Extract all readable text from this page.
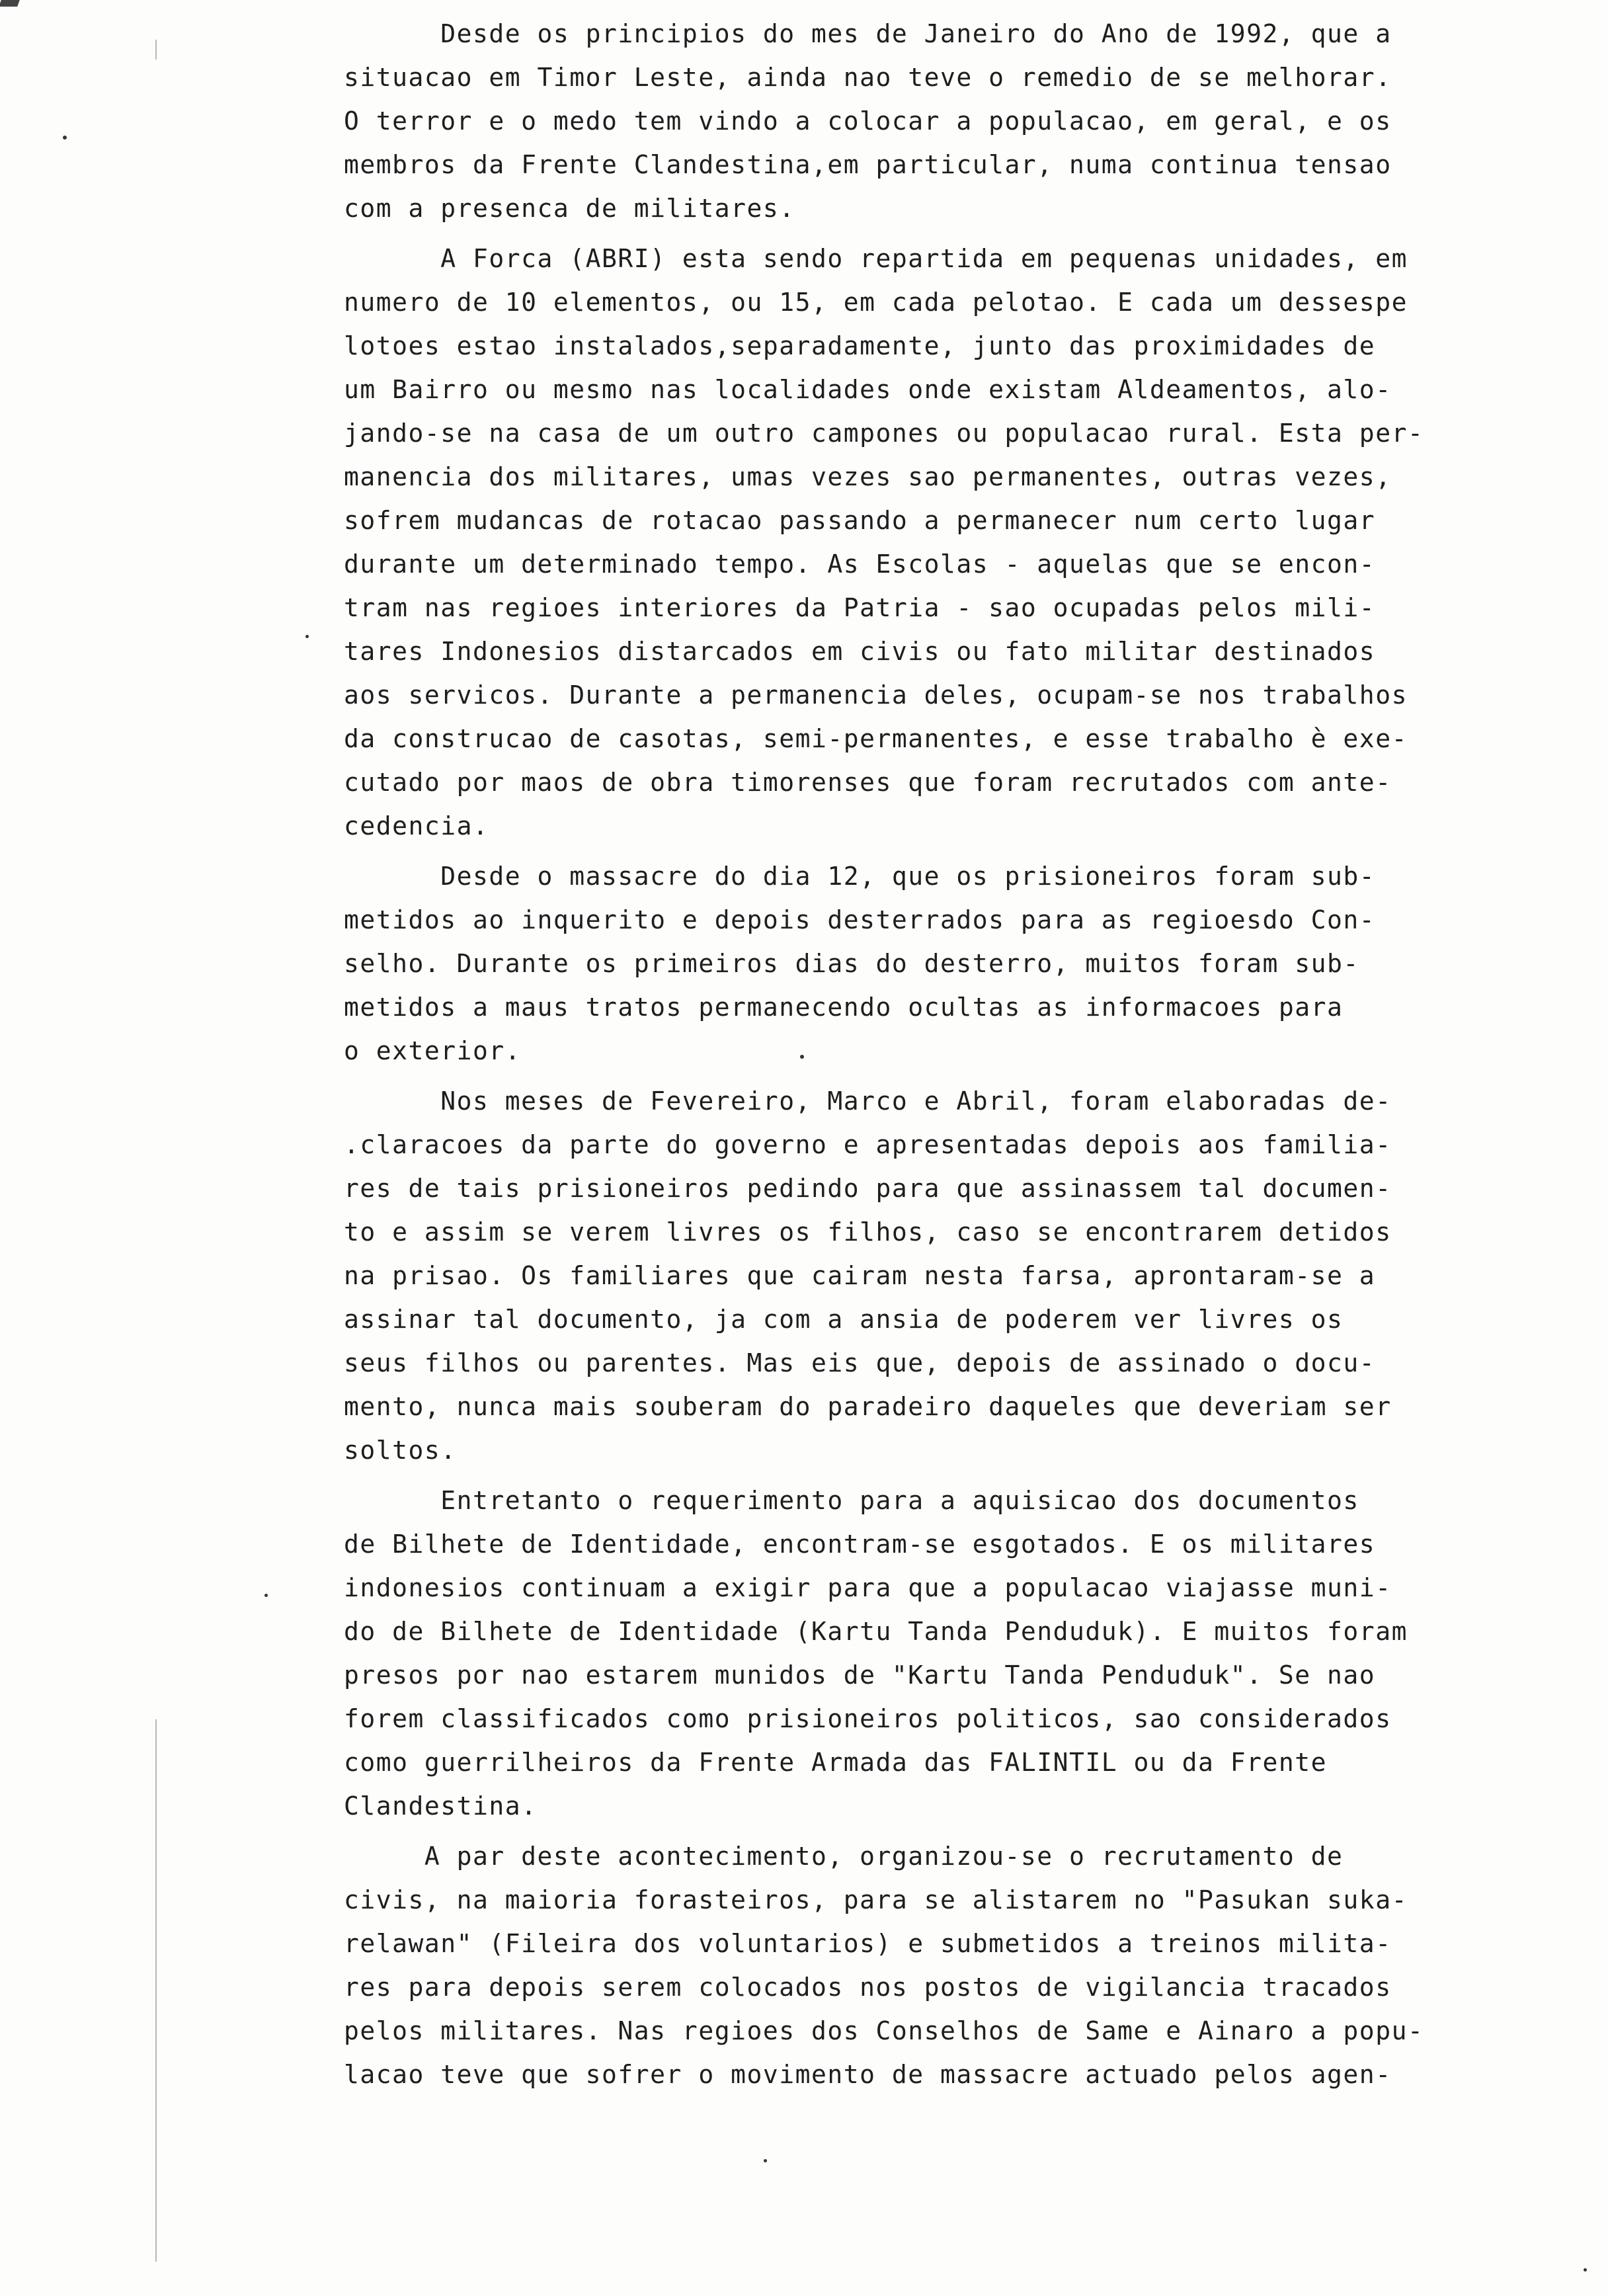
Desde os principios do mes de Janeiro do Ano de 1992, que a
situacao em Timor Leste, ainda nao teve o remedio de se melhorar.
O terror e o medo tem vindo a colocar a populacao, em geral, e os
membros da Frente Clandestina,em particular, numa continua tensao
com a presenca de militares.
A Forca (ABRI) esta sendo repartida em pequenas unidades, em
numero de 10 elementos, ou 15, em cada pelotao. E cada um dessespe
lotoes estao instalados,separadamente, junto das proximidades de
um Bairro ou mesmo nas localidades onde existam Aldeamentos, alo-
jando-se na casa de um outro campones ou populacao rural. Esta per-
manencia dos militares, umas vezes sao permanentes, outras vezes,
sofrem mudancas de rotacao passando a permanecer num certo lugar
durante um determinado tempo. As Escolas - aquelas que se encon-
tram nas regioes interiores da Patria - sao ocupadas pelos mili-
tares Indonesios distarcados em civis ou fato militar destinados
aos servicos. Durante a permanencia deles, ocupam-se nos trabalhos
da construcao de casotas, semi-permanentes, e esse trabalho è exe-
cutado por maos de obra timorenses que foram recrutados com ante-
cedencia.
Desde o massacre do dia 12, que os prisioneiros foram sub-
metidos ao inquerito e depois desterrados para as regioesdo Con-
selho. Durante os primeiros dias do desterro, muitos foram sub-
metidos a maus tratos permanecendo ocultas as informacoes para
o exterior.
Nos meses de Fevereiro, Marco e Abril, foram elaboradas de-
.claracoes da parte do governo e apresentadas depois aos familia-
res de tais prisioneiros pedindo para que assinassem tal documen-
to e assim se verem livres os filhos, caso se encontrarem detidos
na prisao. Os familiares que cairam nesta farsa, aprontaram-se a
assinar tal documento, ja com a ansia de poderem ver livres os
seus filhos ou parentes. Mas eis que, depois de assinado o docu-
mento, nunca mais souberam do paradeiro daqueles que deveriam ser
soltos.
Entretanto o requerimento para a aquisicao dos documentos
de Bilhete de Identidade, encontram-se esgotados. E os militares
indonesios continuam a exigir para que a populacao viajasse muni-
do de Bilhete de Identidade (Kartu Tanda Penduduk). E muitos foram
presos por nao estarem munidos de "Kartu Tanda Penduduk". Se nao
forem classificados como prisioneiros politicos, sao considerados
como guerrilheiros da Frente Armada das FALINTIL ou da Frente
Clandestina.
A par deste acontecimento, organizou-se o recrutamento de
civis, na maioria forasteiros, para se alistarem no "Pasukan suka-
relawan" (Fileira dos voluntarios) e submetidos a treinos milita-
res para depois serem colocados nos postos de vigilancia tracados
pelos militares. Nas regioes dos Conselhos de Same e Ainaro a popu-
lacao teve que sofrer o movimento de massacre actuado pelos agen-
